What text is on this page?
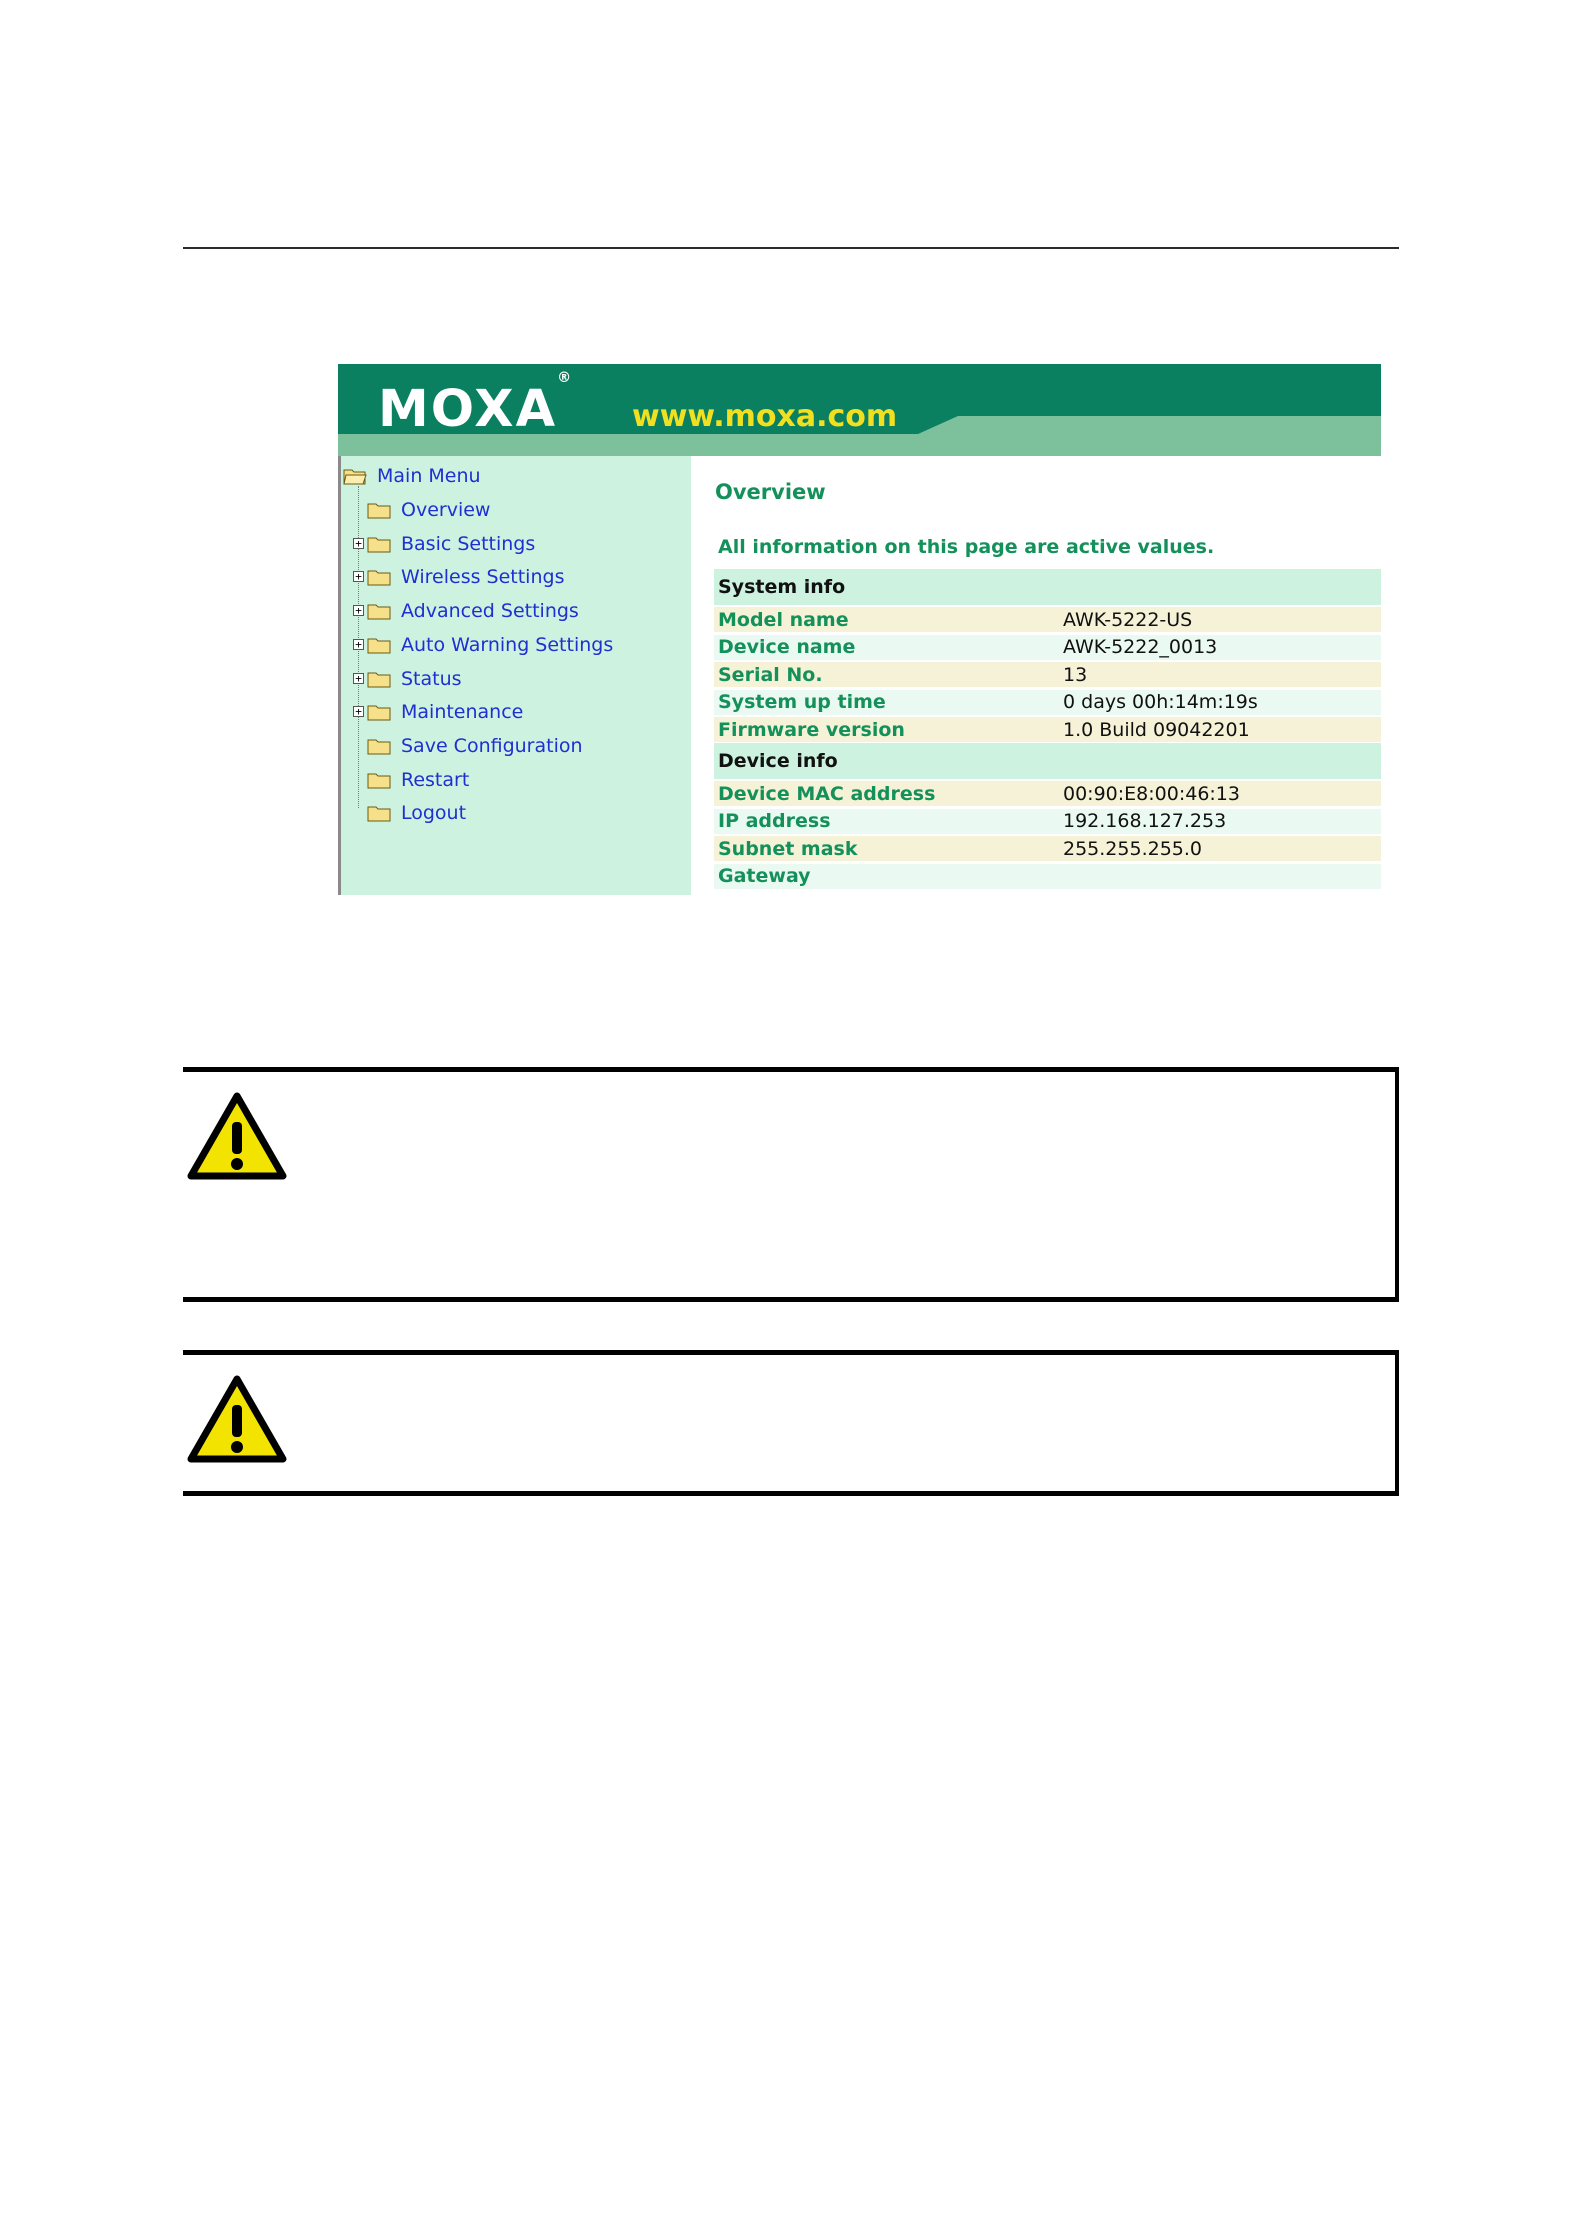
MOXA®
www.moxa.com
Main Menu
Overview
+ Basic Settings
+ Wireless Settings
+ Advanced Settings
+ Auto Warning Settings
+ Status
+ Maintenance
Save Configuration
Restart
Logout
Overview
All information on this page are active values.
System info
Model name	AWK-5222-US
Device name	AWK-5222_0013
Serial No.	13
System up time	0 days 00h:14m:19s
Firmware version	1.0 Build 09042201
Device info
Device MAC address	00:90:E8:00:46:13
IP address	192.168.127.253
Subnet mask	255.255.255.0
Gateway
